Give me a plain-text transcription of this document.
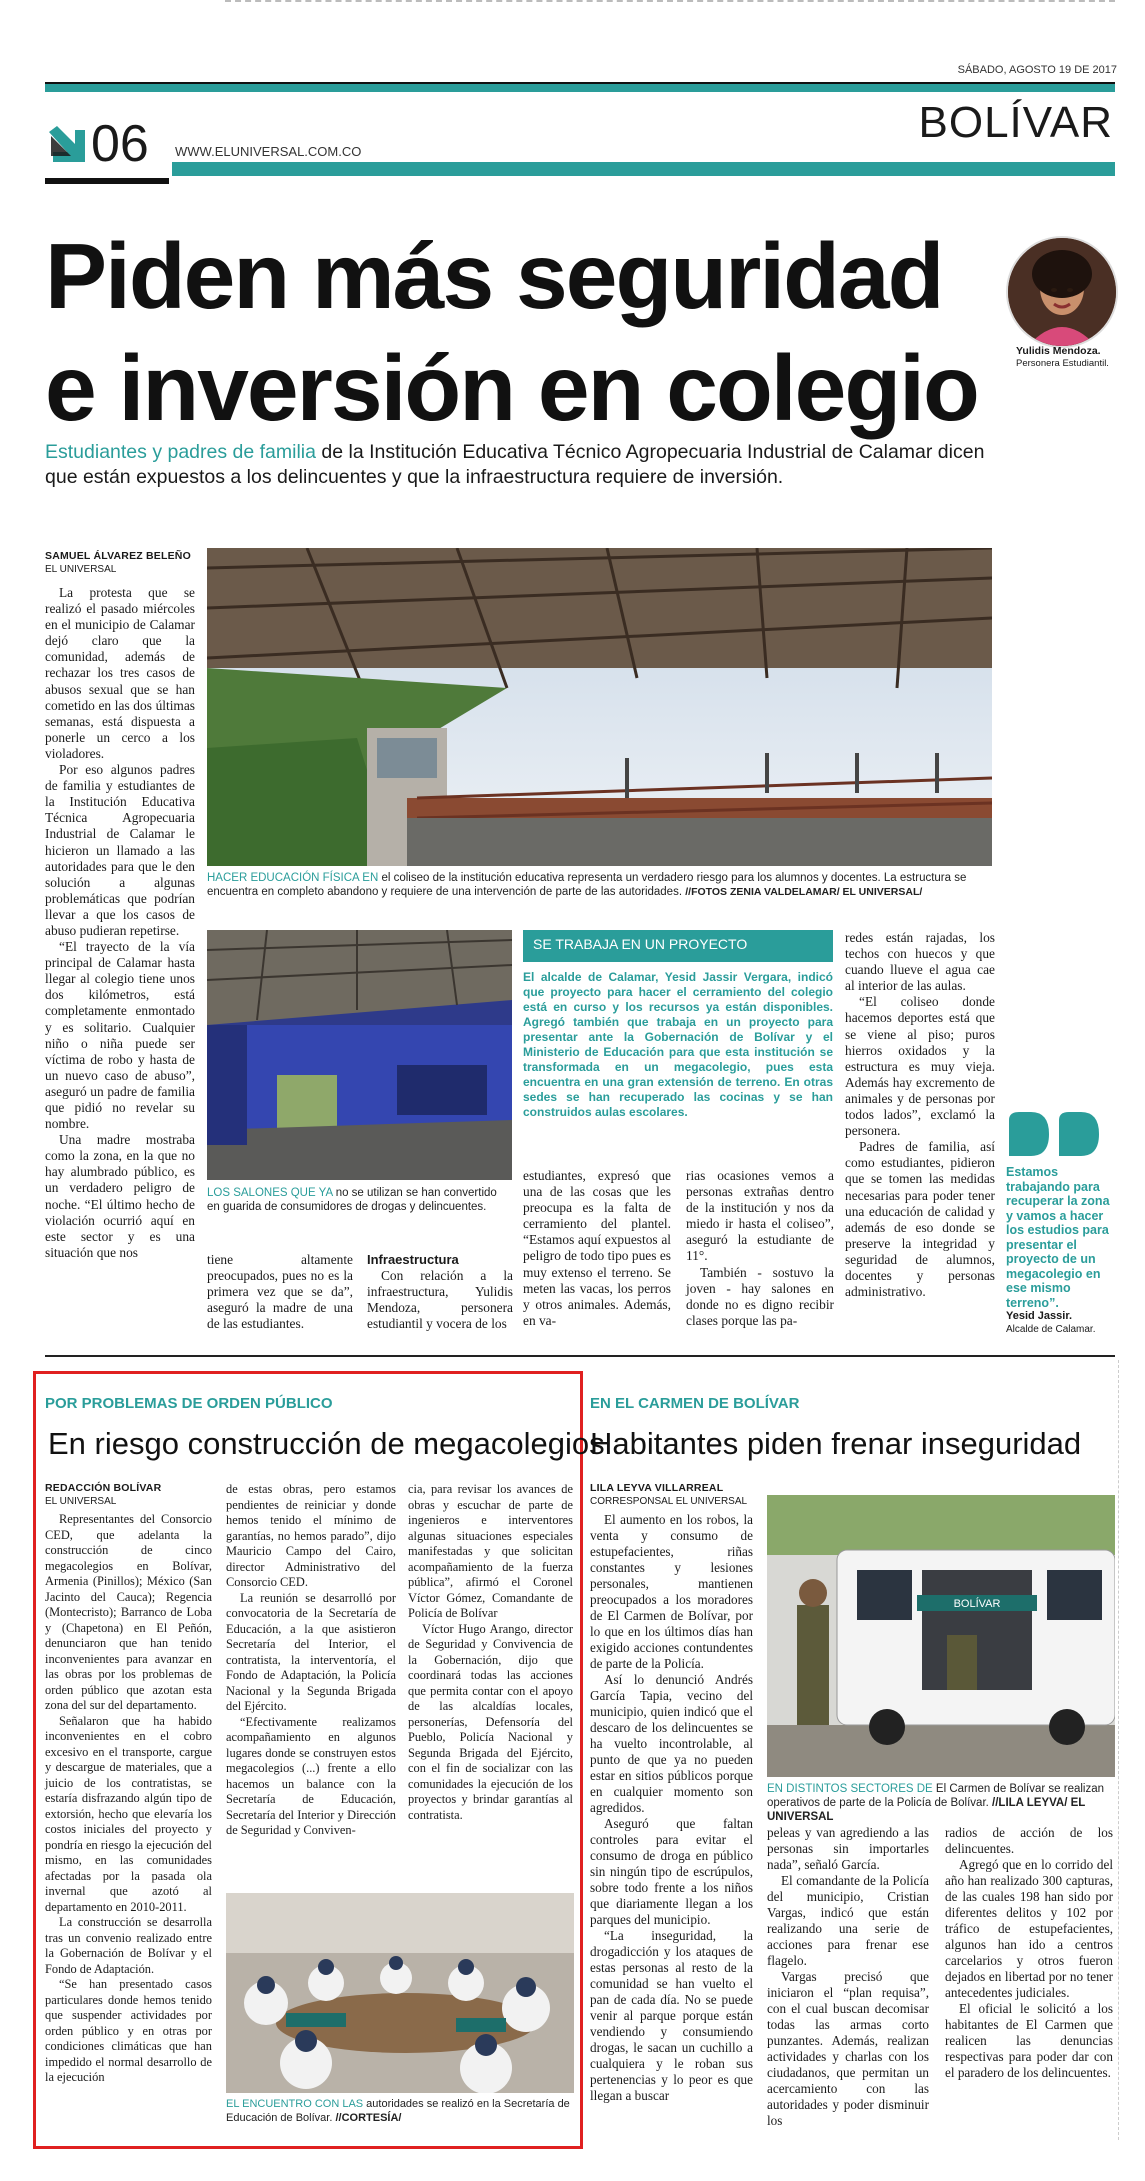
SÁBADO, AGOSTO 19 DE 2017
06 WWW.ELUNIVERSAL.COM.CO
BOLÍVAR
Piden más seguridad
e inversión en colegio	Yulidis Mendoza.
Personera Estudiantil.
Estudiantes y padres de familia de la Institución Educativa Técnico Agropecuaria Industrial de Calamar dicen que están expuestos a los delincuentes y que la infraestructura requiere de inversión.
SAMUEL ÁLVAREZ BELEÑO
EL UNIVERSAL

La protesta que se realizó el pasado miércoles en el municipio de Calamar dejó claro que la comunidad, además de rechazar los tres casos de abusos sexual que se han cometido en las dos últimas semanas, está dispuesta a ponerle un cerco a los violadores.

Por eso algunos padres de familia y estudiantes de la Institución Educativa Técnica Agropecuaria Industrial de Calamar le hicieron un llamado a las autoridades para que le den solución a algunas problemáticas que podrían llevar a que los casos de abuso pudieran repetirse.

“El trayecto de la vía principal de Calamar hasta llegar al colegio tiene unos dos kilómetros, está completamente enmontado y es solitario. Cualquier niño o niña puede ser víctima de robo y hasta de un nuevo caso de abuso”, aseguró un padre de familia que pidió no revelar su nombre.

Una madre mostraba como la zona, en la que no hay alumbrado público, es un verdadero peligro de noche. “El último hecho de violación ocurrió aquí en este sector y es una situación que nos

HACER EDUCACIÓN FÍSICA EN el coliseo de la institución educativa representa un verdadero riesgo para los alumnos y docentes. La estructura se encuentra en completo abandono y requiere de una intervención de parte de las autoridades. //FOTOS ZENIA VALDELAMAR/ EL UNIVERSAL/
LOS SALONES QUE YA no se utilizan se han convertido en guarida de consumidores de drogas y delincuentes.

tiene altamente preocupados, pues no es la primera vez que se da”, aseguró la madre de una de las estudiantes.

Infraestructura

Con relación a la infraestructura, Yulidis Mendoza, personera estudiantil y vocera de los

SE TRABAJA EN UN PROYECTO
El alcalde de Calamar, Yesid Jassir Vergara, indicó que proyecto para hacer el cerramiento del colegio está en curso y los recursos ya están disponibles. Agregó también que trabaja en un proyecto para presentar ante la Gobernación de Bolívar y el Ministerio de Educación para que esta institución se transformada en un megacolegio, pues esta encuentra en una gran extensión de terreno. En otras sedes se han recuperado las cocinas y se han construidos aulas escolares.

estudiantes, expresó que una de las cosas que les preocupa es la falta de cerramiento del plantel. “Estamos aquí expuestos al peligro de todo tipo pues es muy extenso el terreno. Se meten las vacas, los perros y otros animales. Además, en va-

rias ocasiones vemos a personas extrañas dentro de la institución y nos da miedo ir hasta el coliseo”, aseguró la estudiante de 11°.

También - sostuvo la joven - hay salones en donde no es digno recibir clases porque las pa-

redes están rajadas, los techos con huecos y que cuando llueve el agua cae al interior de las aulas.

“El coliseo donde hacemos deportes está que se viene al piso; puros hierros oxidados y la estructura es muy vieja. Además hay excremento de animales y de personas por todos lados”, exclamó la personera.

Padres de familia, así como estudiantes, pidieron que se tomen las medidas necesarias para poder tener una educación de calidad y además de eso donde se preserve la integridad y seguridad de alumnos, docentes y personas administrativo.

Estamos trabajando para recuperar la zona y vamos a hacer los estudios para presentar el proyecto de un megacolegio en ese mismo terreno”.
Yesid Jassir.
Alcalde de Calamar.
POR PROBLEMAS DE ORDEN PÚBLICO
En riesgo construcción de megacolegios
REDACCIÓN BOLÍVAR
EL UNIVERSAL

Representantes del Consorcio CED, que adelanta la construcción de cinco megacolegios en Bolívar, Armenia (Pinillos); México (San Jacinto del Cauca); Regencia (Montecristo); Barranco de Loba y (Chapetona) en El Peñón, denunciaron que han tenido inconvenientes para avanzar en las obras por los problemas de orden público que azotan esta zona del sur del departamento.

Señalaron que ha habido inconvenientes en el cobro excesivo en el transporte, cargue y descargue de materiales, que a juicio de los contratistas, se estaría disfrazando algún tipo de extorsión, hecho que elevaría los costos iniciales del proyecto y pondría en riesgo la ejecución del mismo, en las comunidades afectadas por la pasada ola invernal que azotó al departamento en 2010-2011.

La construcción se desarrolla tras un convenio realizado entre la Gobernación de Bolívar y el Fondo de Adaptación.

“Se han presentado casos particulares donde hemos tenido que suspender actividades por orden público y en otras por condiciones climáticas que han impedido el normal desarrollo de la ejecución

de estas obras, pero estamos pendientes de reiniciar y donde hemos tenido el mínimo de garantías, no hemos parado”, dijo Mauricio Campo del Cairo, director Administrativo del Consorcio CED.

La reunión se desarrolló por convocatoria de la Secretaría de Educación, a la que asistieron Secretaría del Interior, el contratista, la interventoría, el Fondo de Adaptación, la Policía Nacional y la Segunda Brigada del Ejército.

“Efectivamente realizamos acompañamiento en algunos lugares donde se construyen estos megacolegios (...) frente a ello hacemos un balance con la Secretaría de Educación, Secretaría del Interior y Dirección de Seguridad y Conviven-

cia, para revisar los avances de obras y escuchar de parte de ingenieros e interventores algunas situaciones especiales manifestadas y que solicitan acompañamiento de la fuerza pública”, afirmó el Coronel Víctor Gómez, Comandante de Policía de Bolívar

Víctor Hugo Arango, director de Seguridad y Convivencia de la Gobernación, dijo que coordinará todas las acciones que permita contar con el apoyo de las alcaldías locales, personerías, Defensoría del Pueblo, Policía Nacional y Segunda Brigada del Ejército, con el fin de socializar con las comunidades la ejecución de los proyectos y brindar garantías al contratista.

EL ENCUENTRO CON LAS autoridades se realizó en la Secretaría de Educación de Bolívar. //CORTESÍA/
EN EL CARMEN DE BOLÍVAR
Habitantes piden frenar inseguridad
LILA LEYVA VILLARREAL
CORRESPONSAL EL UNIVERSAL

El aumento en los robos, la venta y consumo de estupefacientes, riñas constantes y lesiones personales, mantienen preocupados a los moradores de El Carmen de Bolívar, por lo que en los últimos días han exigido acciones contundentes de parte de la Policía.

Así lo denunció Andrés García Tapia, vecino del municipio, quien indicó que el descaro de los delincuentes se ha vuelto incontrolable, al punto de que ya no pueden estar en sitios públicos porque en cualquier momento son agredidos.

Aseguró que faltan controles para evitar el consumo de droga en público sin ningún tipo de escrúpulos, sobre todo frente a los niños que diariamente llegan a los parques del municipio.

“La inseguridad, la drogadicción y los ataques de estas personas al resto de la comunidad se han vuelto el pan de cada día. No se puede venir al parque porque están vendiendo y consumiendo drogas, le sacan un cuchillo a cualquiera y le roban sus pertenencias y lo peor es que llegan a buscar

BOLÍVAR
EN DISTINTOS SECTORES DE El Carmen de Bolívar se realizan operativos de parte de la Policía de Bolívar. //LILA LEYVA/ EL UNIVERSAL

peleas y van agrediendo a las personas sin importarles nada”, señaló García.

El comandante de la Policía del municipio, Cristian Vargas, indicó que están realizando una serie de acciones para frenar ese flagelo.

Vargas precisó que iniciaron el “plan requisa”, con el cual buscan decomisar todas las armas corto punzantes. Además, realizan actividades y charlas con los ciudadanos, que permitan un acercamiento con las autoridades y poder disminuir los

radios de acción de los delincuentes.

Agregó que en lo corrido del año han realizado 300 capturas, de las cuales 198 han sido por diferentes delitos y 102 por tráfico de estupefacientes, algunos han ido a centros carcelarios y otros fueron dejados en libertad por no tener antecedentes judiciales.

El oficial le solicitó a los habitantes de El Carmen que realicen las denuncias respectivas para poder dar con el paradero de los delincuentes.
